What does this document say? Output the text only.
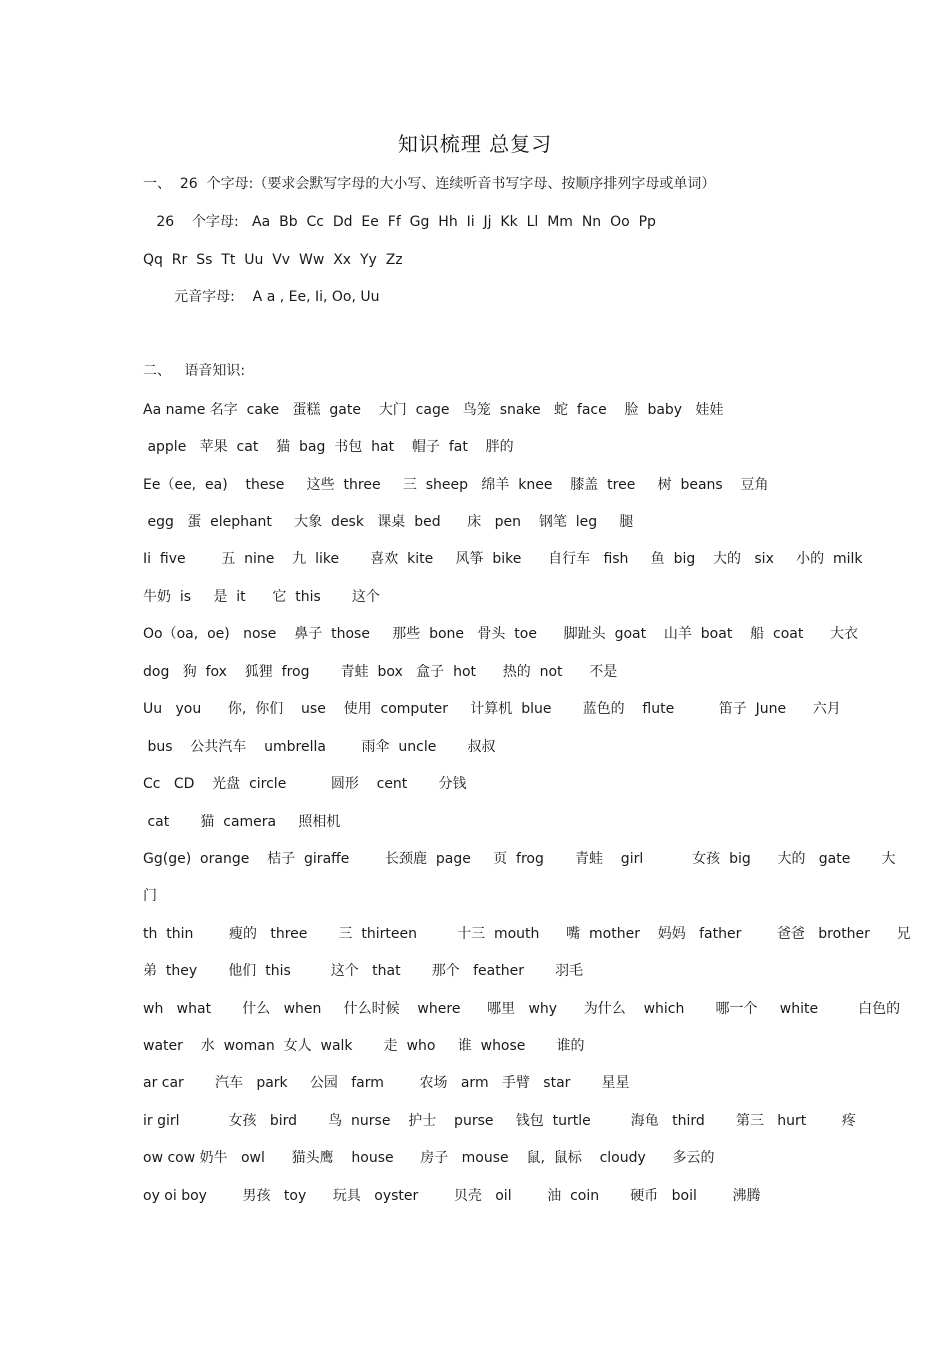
知识梳理 总复习
一、  26  个字母:（要求会默写字母的大小写、连续听音书写字母、按顺序排列字母或单词）
26    个字母:   Aa  Bb  Cc  Dd  Ee  Ff  Gg  Hh  Ii  Jj  Kk  Ll  Mm  Nn  Oo  Pp
Qq  Rr  Ss  Tt  Uu  Vv  Ww  Xx  Yy  Zz
元音字母:    A a , Ee, Ii, Oo, Uu
二、   语音知识:
Aa name 名字  cake   蛋糕  gate    大门  cage   鸟笼  snake   蛇  face    脸  baby   娃娃
apple   苹果  cat    猫  bag  书包  hat    帽子  fat    胖的
Ee（ee,  ea)    these     这些  three     三  sheep   绵羊  knee    膝盖  tree     树  beans    豆角
egg   蛋  elephant     大象  desk   课桌  bed      床   pen    钢笔  leg     腿
Ii  five        五  nine    九  like       喜欢  kite     风筝  bike      自行车   fish     鱼  big    大的   six     小的  milk
牛奶  is     是  it      它  this       这个
Oo（oa,  oe)   nose    鼻子  those     那些  bone   骨头  toe      脚趾头  goat    山羊  boat    船  coat      大衣
dog   狗  fox    狐狸  frog       青蛙  box   盒子  hot      热的  not      不是
Uu   you      你,  你们    use    使用  computer     计算机  blue       蓝色的    flute          笛子  June      六月
bus    公共汽车    umbrella        雨伞  uncle       叔叔
Cc   CD    光盘  circle          圆形    cent       分钱
cat       猫  camera     照相机
Gg(ge)  orange    桔子  giraffe        长颈鹿  page     页  frog       青蛙    girl           女孩  big      大的   gate       大
门
th  thin        瘦的   three       三  thirteen         十三  mouth      嘴  mother    妈妈   father        爸爸   brother      兄
弟  they       他们  this         这个   that       那个   feather       羽毛
wh   what       什么   when     什么时候    where      哪里   why      为什么    which       哪一个     white         白色的
water    水  woman  女人  walk       走  who     谁  whose       谁的
ar car       汽车   park     公园   farm        农场   arm   手臂   star       星星
ir girl           女孩   bird       鸟  nurse    护士    purse     钱包  turtle         海龟   third       第三   hurt        疼
ow cow 奶牛   owl      猫头鹰    house      房子   mouse    鼠,  鼠标    cloudy      多云的
oy oi boy        男孩   toy      玩具   oyster        贝壳   oil        油  coin       硬币   boil        沸腾
